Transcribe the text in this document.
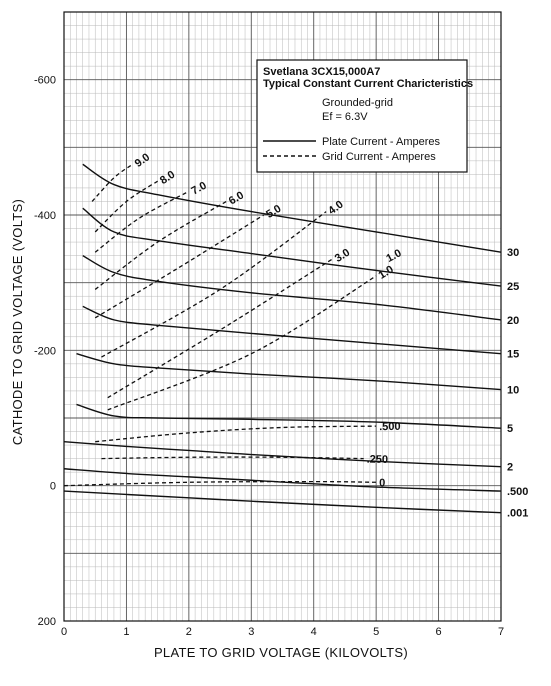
0	1	2	3	4	5	6	7
-600
-400
-200
0
200
30
25
20
15
10
5
2
.500
.001
9.0
8.0
7.0
6.0
5.0	4.0
3.0
1.0
.500
.250
0
1.0
PLATE TO GRID VOLTAGE (KILOVOLTS)
CATHODE TO GRID VOLTAGE (VOLTS)
Svetlana 3CX15,000A7
Typical Constant Current Charicteristics
Grounded-grid
Ef = 6.3V
Plate Current - Amperes
Grid Current - Amperes
